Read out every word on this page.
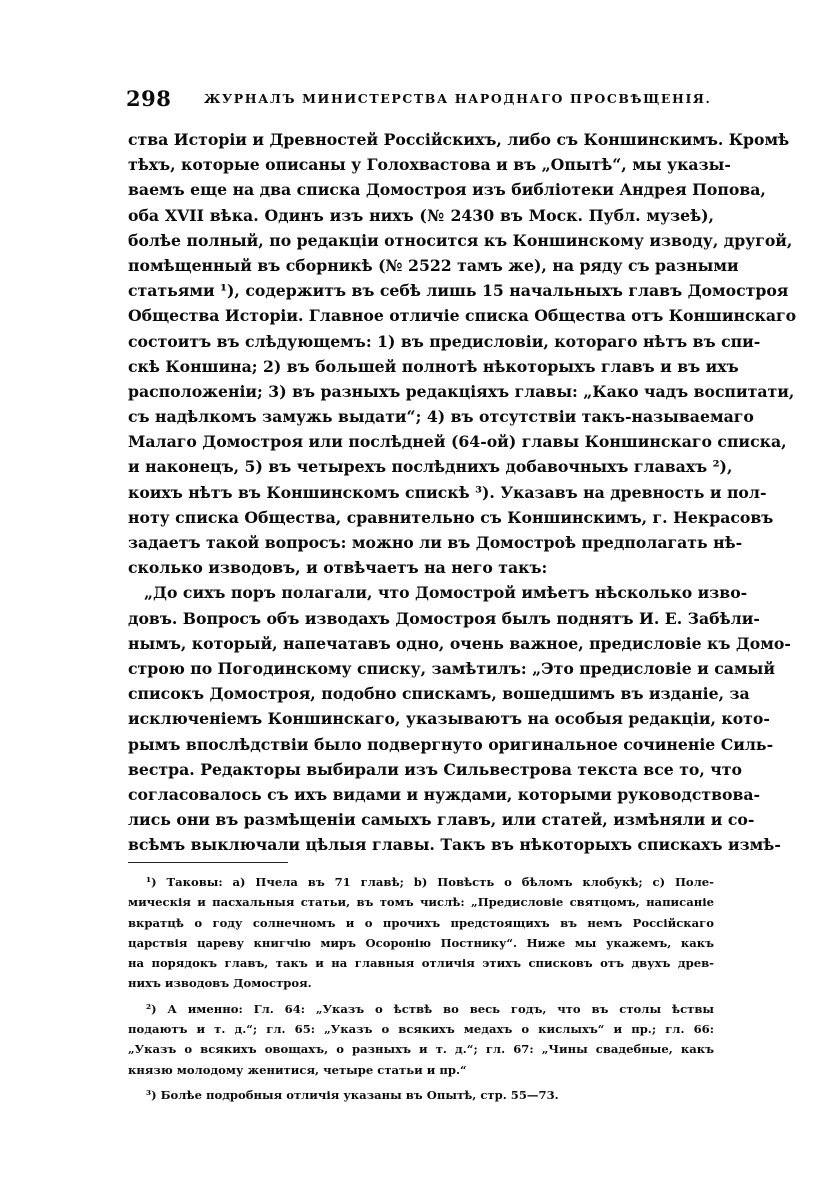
298	ЖУРНАЛЪ МИНИСТЕРСТВА НАРОДНАГО ПРОСВѢЩЕНІЯ.
ства Исторіи и Древностей Россійскихъ, либо съ Коншинскимъ. Кромѣ
тѣхъ, которые описаны у Голохвастова и въ „Опытѣ“, мы указы-
ваемъ еще на два списка Домостроя изъ библіотеки Андрея Попова,
оба XVII вѣка. Одинъ изъ нихъ (№ 2430 въ Моск. Публ. музеѣ),
болѣе полный, по редакціи относится къ Коншинскому изводу, другой,
помѣщенный въ сборникѣ (№ 2522 тамъ же), на ряду съ разными
статьями ¹), содержитъ въ себѣ лишь 15 начальныхъ главъ Домостроя
Общества Исторіи. Главное отличіе списка Общества отъ Коншинскаго
состоитъ въ слѣдующемъ: 1) въ предисловіи, котораго нѣтъ въ спи-
скѣ Коншина; 2) въ большей полнотѣ нѣкоторыхъ главъ и въ ихъ
расположеніи; 3) въ разныхъ редакціяхъ главы: „Како чадъ воспитати,
съ надѣлкомъ замужь выдати“; 4) въ отсутствіи такъ-называемаго
Малаго Домостроя или послѣдней (64-ой) главы Коншинскаго списка,
и наконецъ, 5) въ четырехъ послѣднихъ добавочныхъ главахъ ²),
коихъ нѣтъ въ Коншинскомъ спискѣ ³). Указавъ на древность и пол-
ноту списка Общества, сравнительно съ Коншинскимъ, г. Некрасовъ
задаетъ такой вопросъ: можно ли въ Домостроѣ предполагать нѣ-
сколько изводовъ, и отвѣчаетъ на него такъ:
„До сихъ поръ полагали, что Домострой имѣетъ нѣсколько изво-
довъ. Вопросъ объ изводахъ Домостроя былъ поднятъ И. Е. Забѣли-
нымъ, который, напечатавъ одно, очень важное, предисловіе къ Домо-
строю по Погодинскому списку, замѣтилъ: „Это предисловіе и самый
списокъ Домостроя, подобно спискамъ, вошедшимъ въ изданіе, за
исключеніемъ Коншинскаго, указываютъ на особыя редакціи, кото-
рымъ впослѣдствіи было подвергнуто оригинальное сочиненіе Силь-
вестра. Редакторы выбирали изъ Сильвестрова текста все то, что
согласовалось съ ихъ видами и нуждами, которыми руководствова-
лись они въ размѣщеніи самыхъ главъ, или статей, измѣняли и со-
всѣмъ выключали цѣлыя главы. Такъ въ нѣкоторыхъ спискахъ измѣ-
¹) Таковы: а) Пчела въ 71 главѣ; b) Повѣсть о бѣломъ клобукѣ; с) Поле-
мическія и пасхальныя статьи, въ томъ числѣ: „Предисловіе святцомъ, написаніе
вкратцѣ о году солнечномъ и о прочихъ предстоящихъ въ немъ Россійскаго
царствія цареву книгчію миръ Осоронію Постнику“. Ниже мы укажемъ, какъ
на порядокъ главъ, такъ и на главныя отличія этихъ списковъ отъ двухъ древ-
нихъ изводовъ Домостроя.
²) А именно: Гл. 64: „Указъ о ѣствѣ во весь годъ, что въ столы ѣствы
подаютъ и т. д.“; гл. 65: „Указъ о всякихъ медахъ о кислыхъ“ и пр.; гл. 66:
„Указъ о всякихъ овощахъ, о разныхъ и т. д.“; гл. 67: „Чины свадебные, какъ
князю молодому женитися, четыре статьи и пр.“
³) Болѣе подробныя отличія указаны въ Опытѣ, стр. 55—73.
